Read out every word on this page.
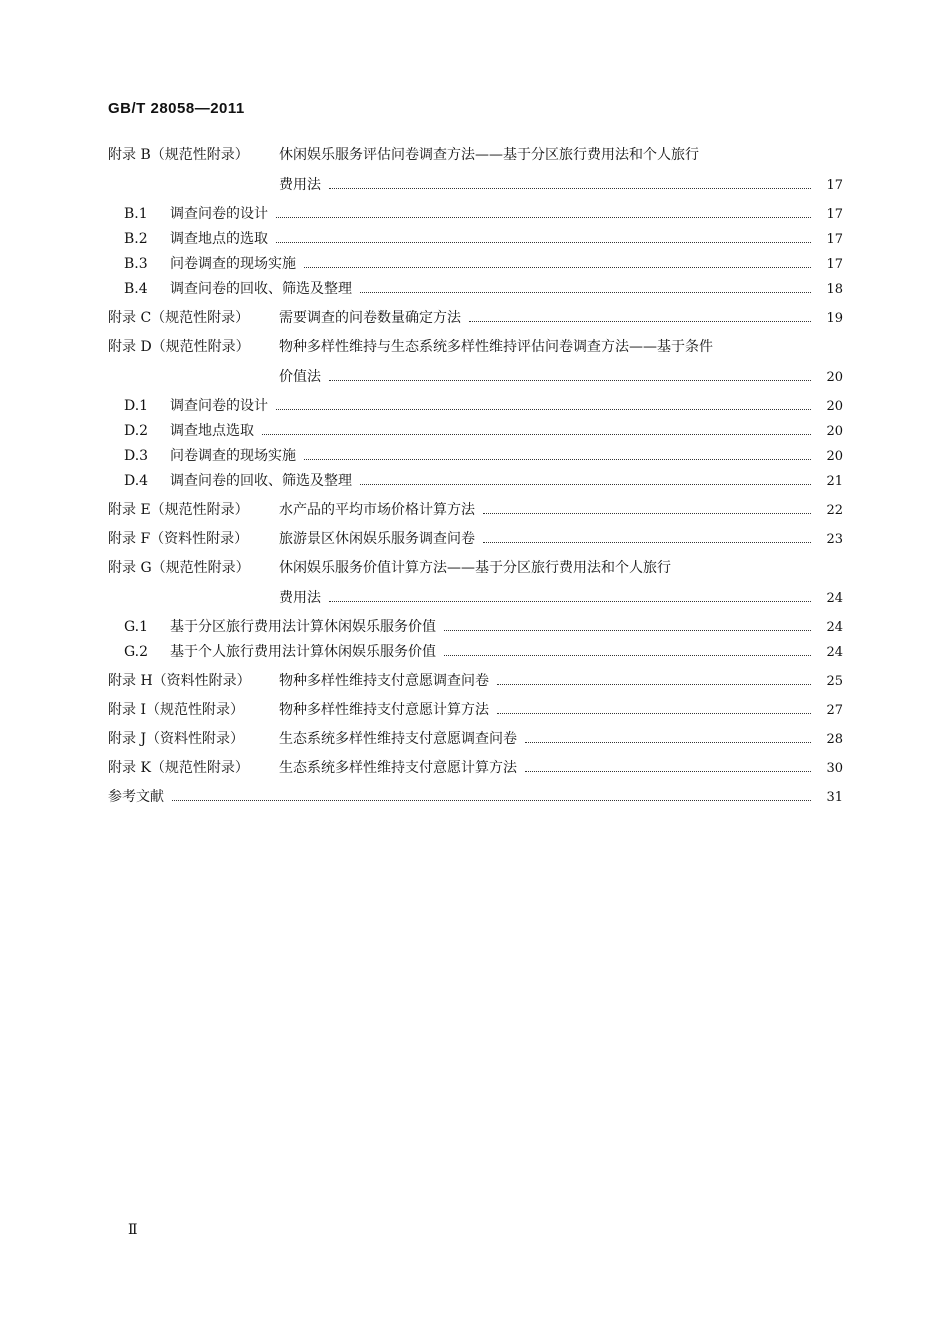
GB/T 28058—2011
附录 B（规范性附录）	休闲娱乐服务评估问卷调查方法——基于分区旅行费用法和个人旅行
费用法	17
B.1	调查问卷的设计	17
B.2	调查地点的选取	17
B.3	问卷调查的现场实施	17
B.4	调查问卷的回收、筛选及整理	18
附录 C（规范性附录）	需要调查的问卷数量确定方法	19
附录 D（规范性附录）	物种多样性维持与生态系统多样性维持评估问卷调查方法——基于条件
价值法	20
D.1	调查问卷的设计	20
D.2	调查地点选取	20
D.3	问卷调查的现场实施	20
D.4	调查问卷的回收、筛选及整理	21
附录 E（规范性附录）	水产品的平均市场价格计算方法	22
附录 F（资料性附录）	旅游景区休闲娱乐服务调查问卷	23
附录 G（规范性附录）	休闲娱乐服务价值计算方法——基于分区旅行费用法和个人旅行
费用法	24
G.1	基于分区旅行费用法计算休闲娱乐服务价值	24
G.2	基于个人旅行费用法计算休闲娱乐服务价值	24
附录 H（资料性附录）	物种多样性维持支付意愿调查问卷	25
附录 I（规范性附录）	物种多样性维持支付意愿计算方法	27
附录 J（资料性附录）	生态系统多样性维持支付意愿调查问卷	28
附录 K（规范性附录）	生态系统多样性维持支付意愿计算方法	30
参考文献	31
Ⅱ
